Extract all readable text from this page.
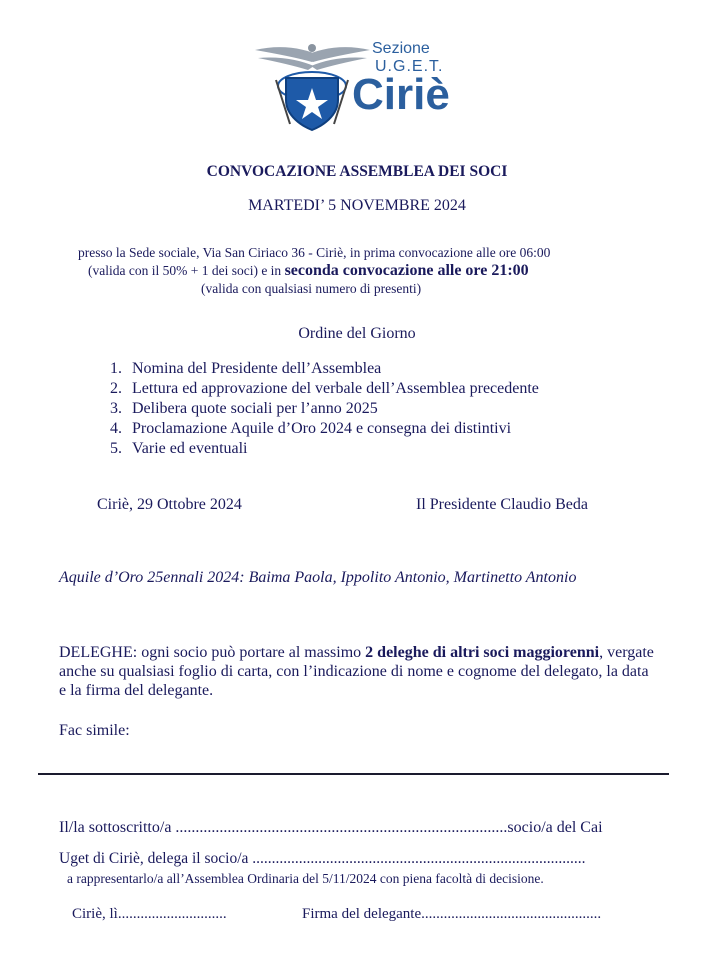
Sezione
U.G.E.T.
Ciriè
CONVOCAZIONE ASSEMBLEA DEI SOCI
MARTEDI’ 5 NOVEMBRE 2024
presso la Sede sociale, Via San Ciriaco 36 - Ciriè, in prima convocazione alle ore 06:00
(valida con il 50% + 1 dei soci) e in seconda convocazione alle ore 21:00
(valida con qualsiasi numero di presenti)
Ordine del Giorno
1. Nomina del Presidente dell’Assemblea
2. Lettura ed approvazione del verbale dell’Assemblea precedente
3. Delibera quote sociali per l’anno 2025
4. Proclamazione Aquile d’Oro 2024 e consegna dei distintivi
5. Varie ed eventuali
Ciriè, 29 Ottobre 2024	Il Presidente Claudio Beda
Aquile d’Oro 25ennali 2024: Baima Paola, Ippolito Antonio, Martinetto Antonio
DELEGHE: ogni socio può portare al massimo 2 deleghe di altri soci maggiorenni, vergate anche su qualsiasi foglio di carta, con l’indicazione di nome e cognome del delegato, la data e la firma del delegante.
Fac simile:
Il/la sottoscritto/a ...................................................................................socio/a del Cai
Uget di Ciriè, delega il socio/a ......................................................................................
a rappresentarlo/a all’Assemblea Ordinaria del 5/11/2024 con piena facoltà di decisione.
Ciriè, lì.............................	Firma del delegante................................................
